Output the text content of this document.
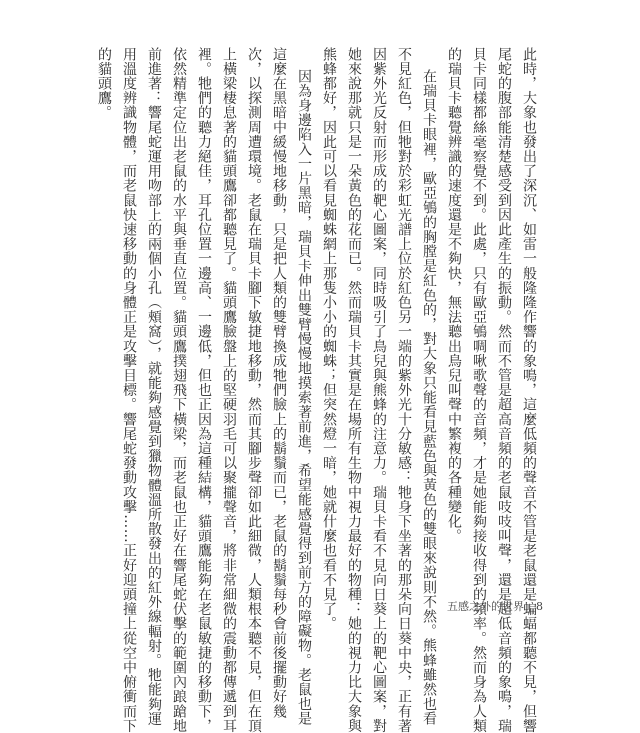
此時，大象也發出了深沉、如雷一般隆隆作響的象鳴，這麼低頻的聲音不管是老鼠還是蝙蝠都聽不見，但響
尾蛇的腹部能清楚感受到因此產生的振動。然而不管是超高音頻的老鼠吱吱叫聲，還是超低音頻的象鳴，瑞
貝卡同樣都絲毫察覺不到。此處，只有歐亞鴝啁啾歌聲的音頻，才是她能夠接收得到的頻率。然而身為人類
的瑞貝卡聽覺辨識的速度還是不夠快，無法聽出鳥兒叫聲中繁複的各種變化。
在瑞貝卡眼裡，歐亞鴝的胸膛是紅色的，對大象只能看見藍色與黃色的雙眼來說則不然。熊蜂雖然也看
不見紅色，但牠對於彩虹光譜上位於紅色另一端的紫外光十分敏感：牠身下坐著的那朵向日葵中央，正有著
因紫外光反射而形成的靶心圖案，同時吸引了鳥兒與熊蜂的注意力。瑞貝卡看不見向日葵上的靶心圖案，對
她來說那就只是一朵黃色的花而已。然而瑞貝卡其實是在場所有生物中視力最好的物種：她的視力比大象與
熊蜂都好，因此可以看見蜘蛛網上那隻小小的蜘蛛；但突然燈一暗，她就什麼也看不見了。
因為身邊陷入一片黑暗，瑞貝卡伸出雙臂慢慢地摸索著前進，希望能感覺得到前方的障礙物。老鼠也是
這麼在黑暗中緩慢地移動，只是把人類的雙臂換成牠們臉上的鬍鬚而已，老鼠的鬍鬚每秒會前後擺動好幾
次，以探測周遭環境。老鼠在瑞貝卡腳下敏捷地移動，然而其腳步聲卻如此細微，人類根本聽不見，但在頂
上橫梁棲息著的貓頭鷹卻都聽見了。貓頭鷹臉盤上的堅硬羽毛可以聚攏聲音，將非常細微的震動都傳遞到耳
裡。牠們的聽力絕佳，耳孔位置一邊高、一邊低，但也正因為這種結構，貓頭鷹能夠在老鼠敏捷的移動下，
依然精準定位出老鼠的水平與垂直位置。貓頭鷹撲翅飛下橫梁，而老鼠也正好在響尾蛇伏擊的範圍內踉蹌地
前進著：響尾蛇運用吻部上的兩個小孔（頰窩），就能夠感覺到獵物體溫所散發出的紅外線輻射。牠能夠運
用溫度辨識物體，而老鼠快速移動的身體正是攻擊目標。響尾蛇發動攻擊……正好迎頭撞上從空中俯衝而下
的貓頭鷹。
五感之外的世界 8
